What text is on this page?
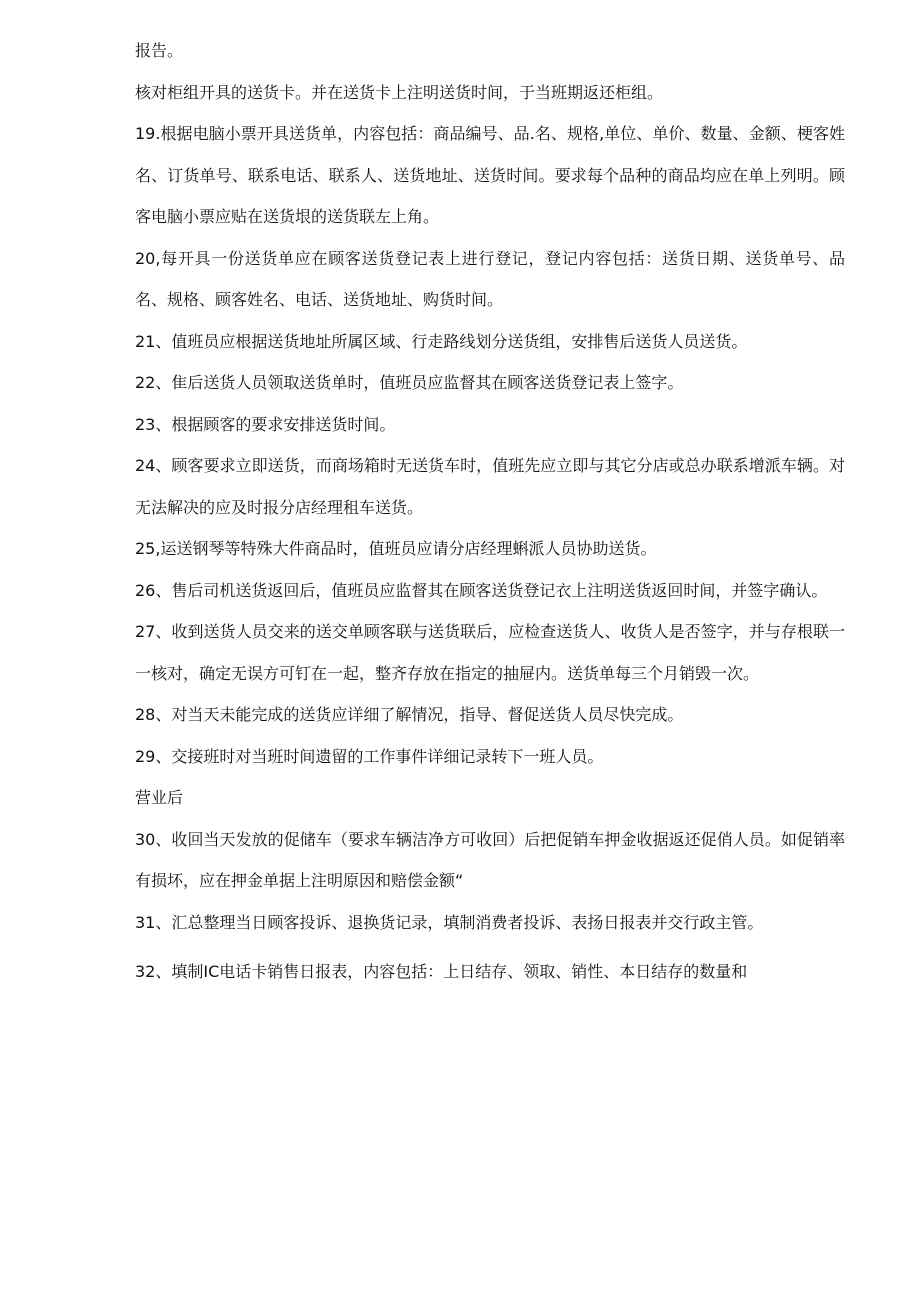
报告。

核对柜组开具的送货卡。并在送货卡上注明送货时间，于当班期返还柜组。

19.根据电脑小票开具送货单，内容包括：商品编号、品.名、规格,单位、单价、数量、金额、梗客姓名、订货单号、联系电话、联系人、送货地址、送货时间。要求每个品种的商品均应在单上列明。顾客电脑小票应贴在送货垠的送货联左上角。

20,每开具一份送货单应在顾客送货登记表上进行登记，登记内容包括：送货日期、送货单号、品名、规格、顾客姓名、电话、送货地址、购货时间。

21、值班员应根据送货地址所属区域、行走路线划分送货组，安排售后送货人员送货。

22、隹后送货人员领取送货单时，值班员应监督其在顾客送货登记表上签字。

23、根据顾客的要求安排送货时间。

24、顾客要求立即送货，而商场箱时无送货车时，值班先应立即与其它分店或总办联系增派车辆。对无法解决的应及时报分店经理租车送货。

25,运送钢琴等特殊大件商品时，值班员应请分店经理蝌派人员协助送货。

26、售后司机送货返回后，值班员应监督其在顾客送货登记衣上注明送货返回时间，并签字确认。

27、收到送货人员交来的送交单顾客联与送货联后，应检查送货人、收货人是否签字，并与存根联一一核对，确定无误方可钉在一起，整齐存放在指定的抽屉内。送货单每三个月销毁一次。

28、对当天未能完成的送货应详细了解情况，指导、督促送货人员尽快完成。

29、交接班时对当班时间遗留的工作事件详细记录转下一班人员。

营业后

30、收回当天发放的促储车（要求车辆洁净方可收回）后把促销车押金收据返还促俏人员。如促销率有损坏，应在押金单据上注明原因和赔偿金额“

31、汇总整理当日顾客投诉、退换货记录，填制消费者投诉、表扬日报表并交行政主管。

32、填制IC电话卡销售日报表，内容包括：上日结存、领取、销性、本日结存的数量和
